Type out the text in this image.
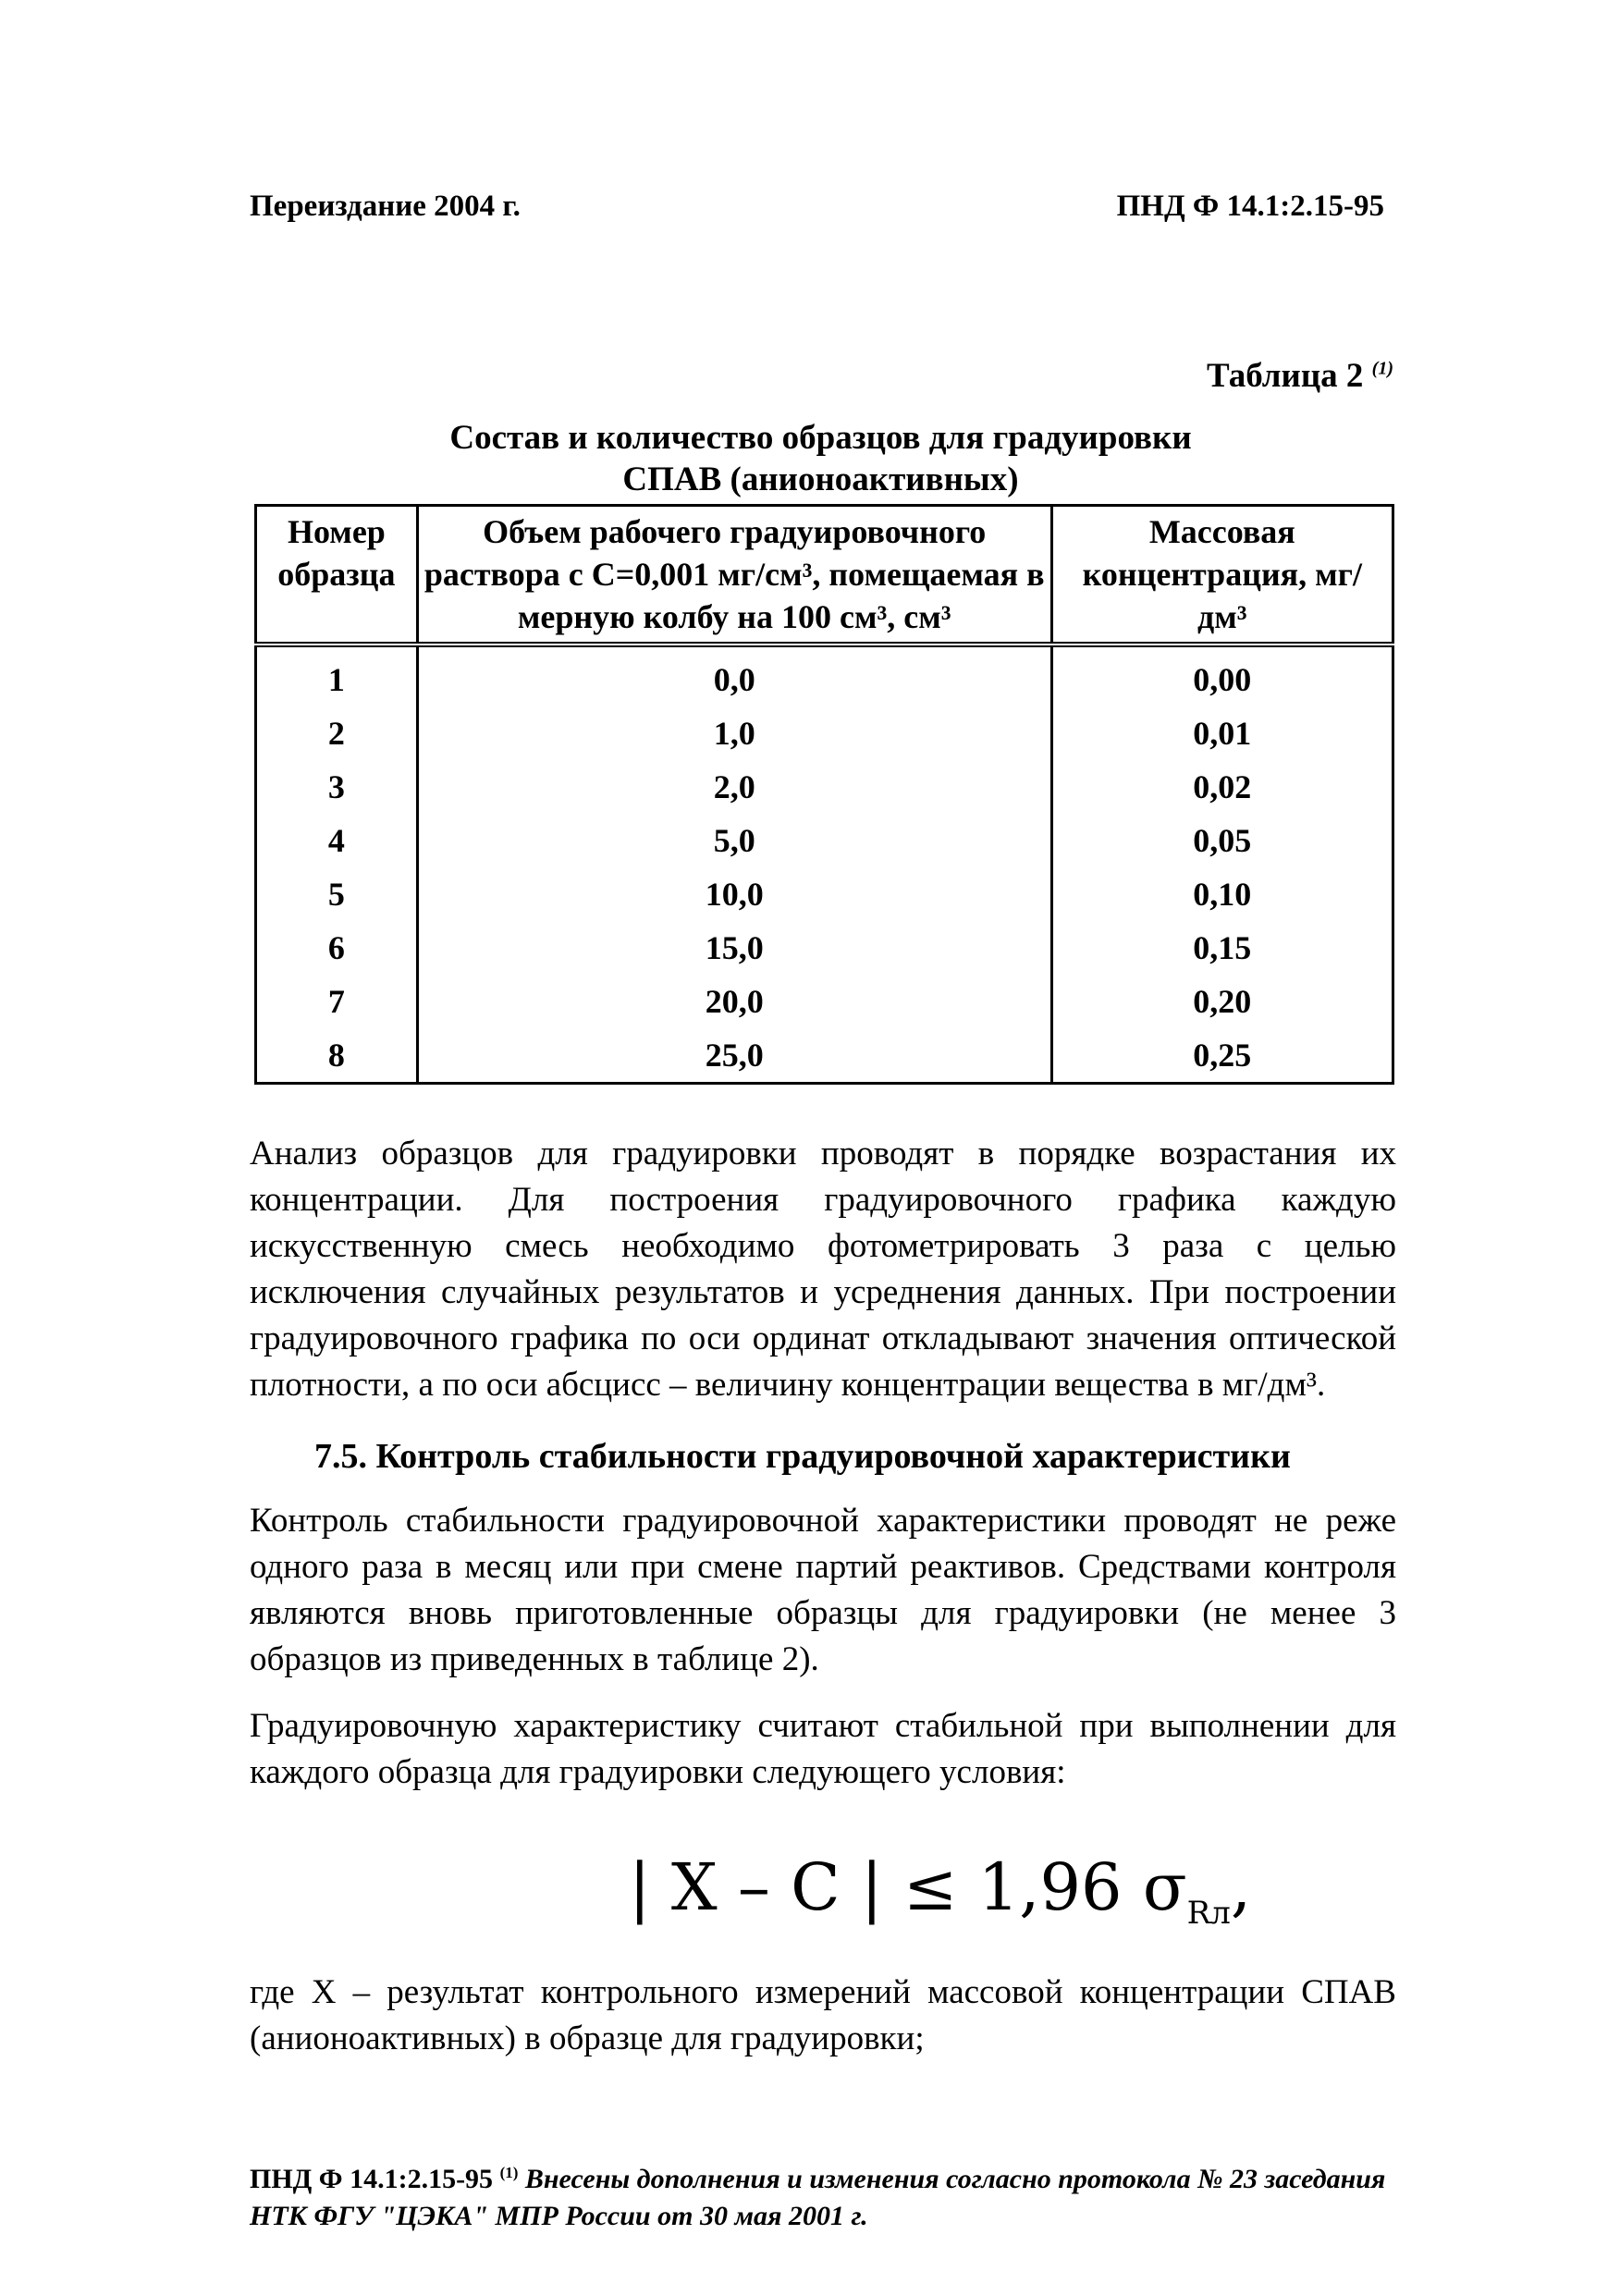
Переиздание 2004 г.	ПНД Ф 14.1:2.15-95
Таблица 2 $^{(1)}$
Состав и количество образцов для градуировки
СПАВ (анионоактивных)
Номер образца	Объем рабочего градуировочного раствора с С=0,001 мг/см³, помещаемая в мерную колбу на 100 см³, см³	Массовая концентрация, мг/дм³
1	0,0	0,00
2	1,0	0,01
3	2,0	0,02
4	5,0	0,05
5	10,0	0,10
6	15,0	0,15
7	20,0	0,20
8	25,0	0,25
Анализ образцов для градуировки проводят в порядке возрастания их концентрации. Для построения градуировочного графика каждую искусственную смесь необходимо фотометрировать 3 раза с целью исключения случайных результатов и усреднения данных. При построении градуировочного графика по оси ординат откладывают значения оптической плотности, а по оси абсцисс – величину концентрации вещества в мг/дм³.
7.5. Контроль стабильности градуировочной характеристики
Контроль стабильности градуировочной характеристики проводят не реже одного раза в месяц или при смене партий реактивов. Средствами контроля являются вновь приготовленные образцы для градуировки (не менее 3 образцов из приведенных в таблице 2).
Градуировочную характеристику считают стабильной при выполнении для каждого образца для градуировки следующего условия:
| X – C | ≤ 1,96 $\sigma_{Rл}$,
где X – результат контрольного измерений массовой концентрации СПАВ (анионоактивных) в образце для градуировки;
ПНД Ф 14.1:2.15-95 $^{(1)}$ Внесены дополнения и изменения согласно протокола № 23 заседания НТК ФГУ "ЦЭКА" МПР России от 30 мая 2001 г.
